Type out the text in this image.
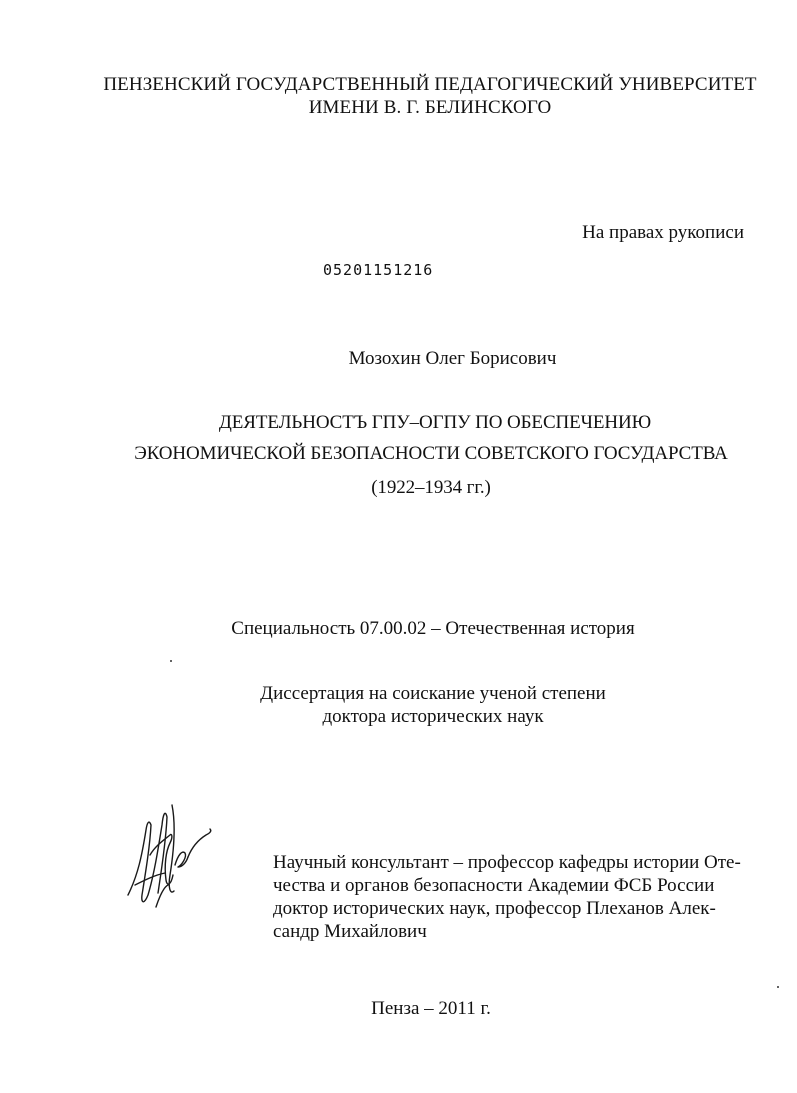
ПЕНЗЕНСКИЙ ГОСУДАРСТВЕННЫЙ ПЕДАГОГИЧЕСКИЙ УНИВЕРСИТЕТ
ИМЕНИ В. Г. БЕЛИНСКОГО
На правах рукописи
05201151216
Мозохин Олег Борисович
ДЕЯТЕЛЬНОСТЪ ГПУ–ОГПУ ПО ОБЕСПЕЧЕНИЮ
ЭКОНОМИЧЕСКОЙ БЕЗОПАСНОСТИ СОВЕТСКОГО ГОСУДАРСТВА
(1922–1934 гг.)
Специальность 07.00.02 – Отечественная история
Диссертация на соискание ученой степени
доктора исторических наук
Научный консультант – профессор кафедры истории Оте-
чества и органов безопасности Академии ФСБ России
доктор исторических наук, профессор Плеханов Алек-
сандр Михайлович
Пенза – 2011 г.
